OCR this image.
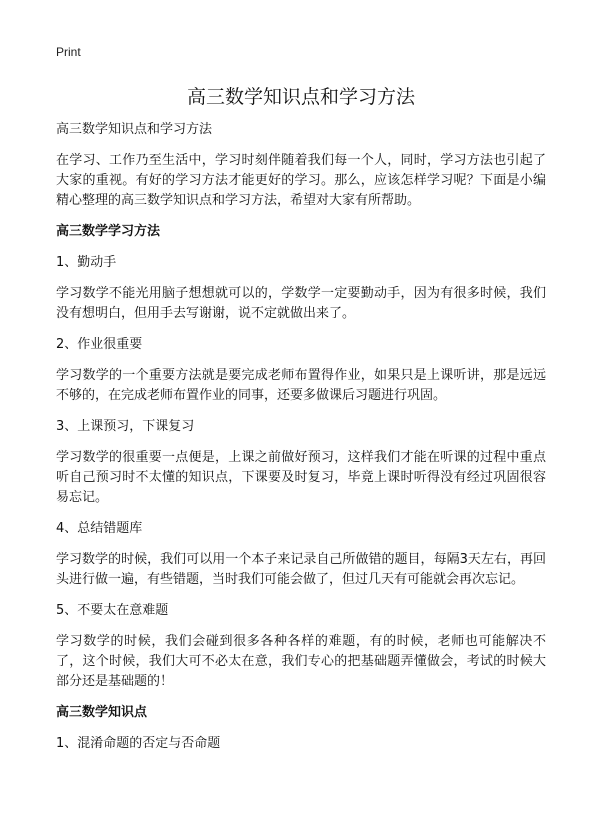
Print
高三数学知识点和学习方法

高三数学知识点和学习方法

在学习、工作乃至生活中，学习时刻伴随着我们每一个人，同时，学习方法也引起了大家的重视。有好的学习方法才能更好的学习。那么，应该怎样学习呢？下面是小编精心整理的高三数学知识点和学习方法，希望对大家有所帮助。

高三数学学习方法

1、勤动手

学习数学不能光用脑子想想就可以的，学数学一定要勤动手，因为有很多时候，我们没有想明白，但用手去写谢谢，说不定就做出来了。

2、作业很重要

学习数学的一个重要方法就是要完成老师布置得作业，如果只是上课听讲，那是远远不够的，在完成老师布置作业的同事，还要多做课后习题进行巩固。

3、上课预习，下课复习

学习数学的很重要一点便是，上课之前做好预习，这样我们才能在听课的过程中重点听自己预习时不太懂的知识点，下课要及时复习，毕竟上课时听得没有经过巩固很容易忘记。

4、总结错题库

学习数学的时候，我们可以用一个本子来记录自己所做错的题目，每隔3天左右，再回头进行做一遍，有些错题，当时我们可能会做了，但过几天有可能就会再次忘记。

5、不要太在意难题

学习数学的时候，我们会碰到很多各种各样的难题，有的时候，老师也可能解决不了，这个时候，我们大可不必太在意，我们专心的把基础题弄懂做会，考试的时候大部分还是基础题的！

高三数学知识点

1、混淆命题的否定与否命题
